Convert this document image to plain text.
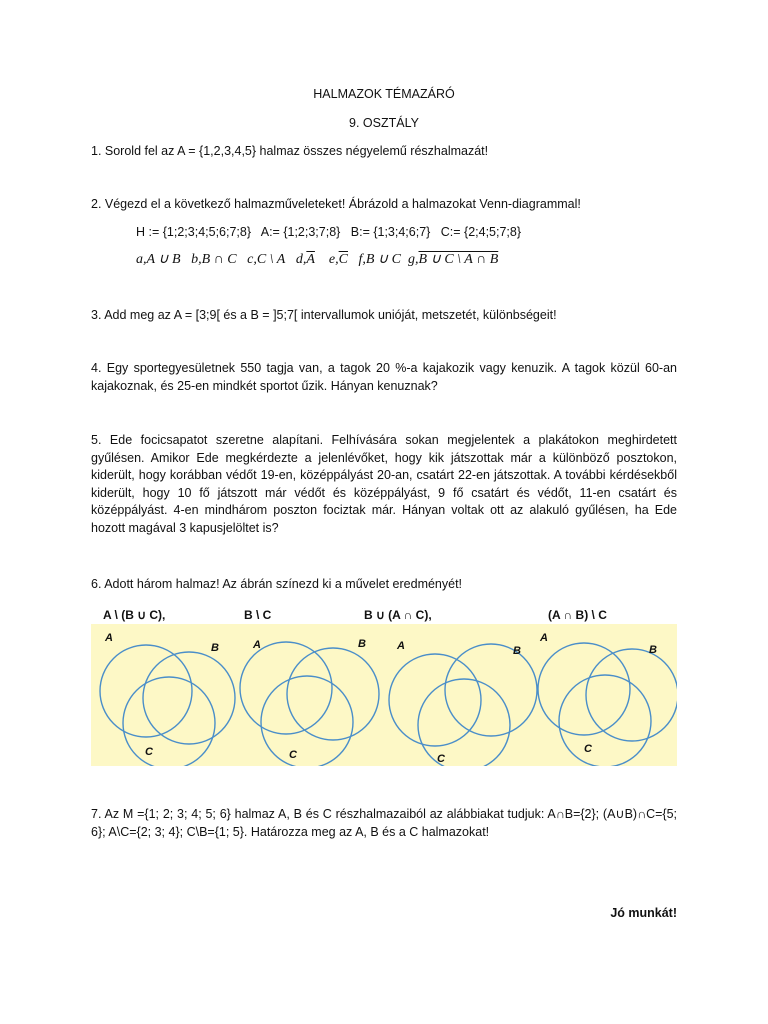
HALMAZOK TÉMAZÁRÓ
9. OSZTÁLY
1. Sorold fel az A = {1,2,3,4,5} halmaz összes négyelemű részhalmazát!
2. Végezd el a következő halmazműveleteket! Ábrázold a halmazokat Venn-diagrammal!
H := {1;2;3;4;5;6;7;8}   A:= {1;2;3;7;8}   B:= {1;3;4;6;7}   C:= {2;4;5;7;8}
a,A ∪ B b,B ∩ C c,C \ A $d,\overline{A}$ $e,\overline{C}$ f,B ∪ C g,B ∪ C \ A ∩ B
3. Add meg az A = [3;9[ és a B = ]5;7[ intervallumok unióját, metszetét, különbségeit!
4. Egy sportegyesületnek 550 tagja van, a tagok 20 %-a kajakozik vagy kenuzik. A tagok közül 60-an kajakoznak, és 25-en mindkét sportot űzik. Hányan kenuznak?
5. Ede focicsapatot szeretne alapítani. Felhívására sokan megjelentek a plakátokon meghirdetett gyűlésen. Amikor Ede megkérdezte a jelenlévőket, hogy kik játszottak már a különböző posztokon, kiderült, hogy korábban védőt 19-en, középpályást 20-an, csatárt 22-en játszottak. A további kérdésekből kiderült, hogy 10 fő játszott már védőt és középpályást, 9 fő csatárt és védőt, 11-en csatárt és középpályást. 4-en mindhárom poszton fociztak már. Hányan voltak ott az alakuló gyűlésen, ha Ede hozott magával 3 kapusjelöltet is?
6. Adott három halmaz! Az ábrán színezd ki a művelet eredményét!
A \ (B ∪ C),	B \ C	B ∪ (A ∩ C),	(A ∩ B) \ C
A
B
C
A	B
C
A	B
C
A
B
C
7. Az M ={1; 2; 3; 4; 5; 6} halmaz A, B és C részhalmazaiból az alábbiakat tudjuk: A∩B={2}; (A∪B)∩C={5; 6}; A\C={2; 3; 4}; C\B={1; 5}. Határozza meg az A, B és a C halmazokat!
Jó munkát!
